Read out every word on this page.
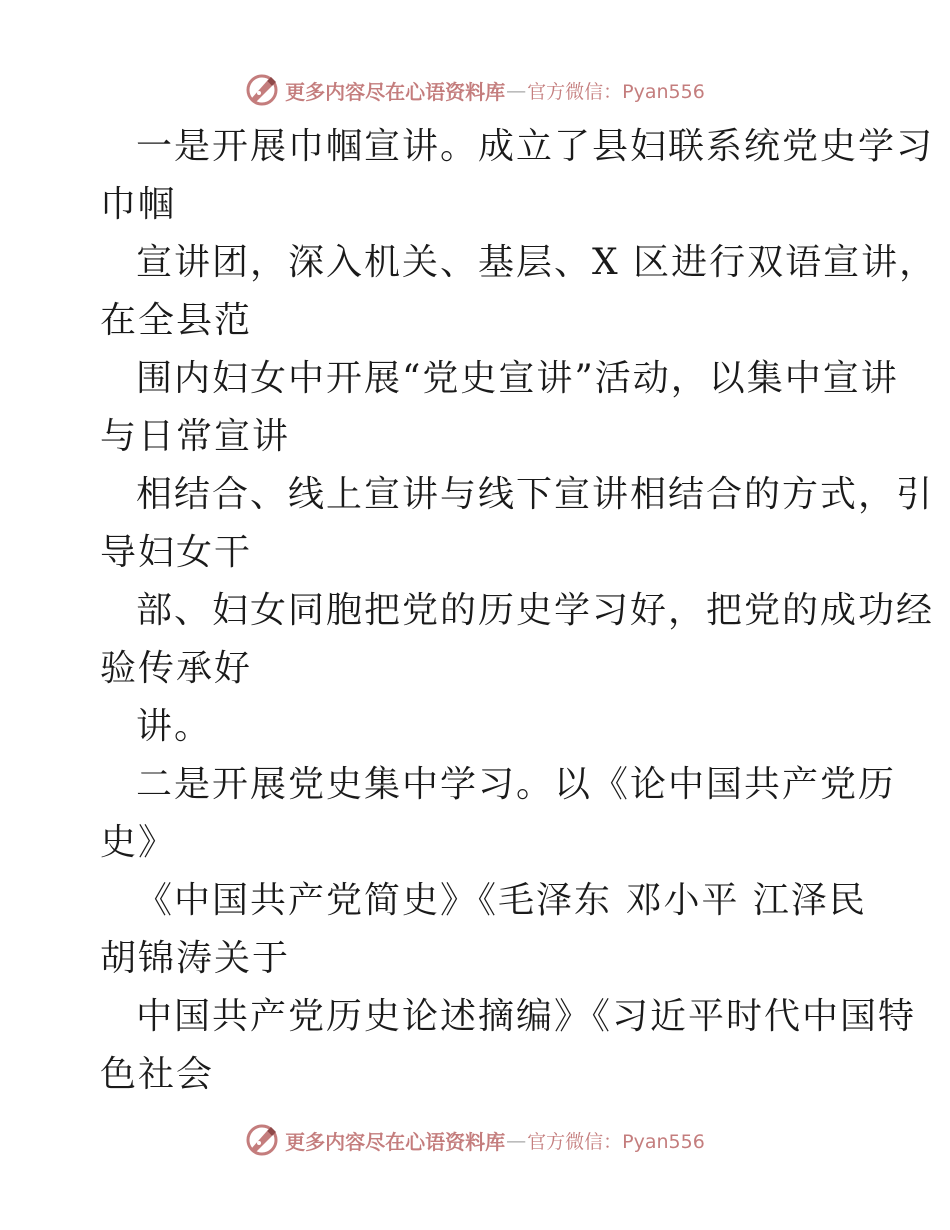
更多内容尽在心语资料库 — 官方微信：Pyan556
一是开展巾帼宣讲。成立了县妇联系统党史学习
巾帼
宣讲团，深入机关、基层、X 区进行双语宣讲，
在全县范
围内妇女中开展“党史宣讲”活动，以集中宣讲
与日常宣讲
相结合、线上宣讲与线下宣讲相结合的方式，引
导妇女干
部、妇女同胞把党的历史学习好，把党的成功经
验传承好
讲。
二是开展党史集中学习。以《论中国共产党历
史》
《中国共产党简史》《毛泽东 邓小平 江泽民
胡锦涛关于
中国共产党历史论述摘编》《习近平时代中国特
色社会
更多内容尽在心语资料库 — 官方微信：Pyan556
